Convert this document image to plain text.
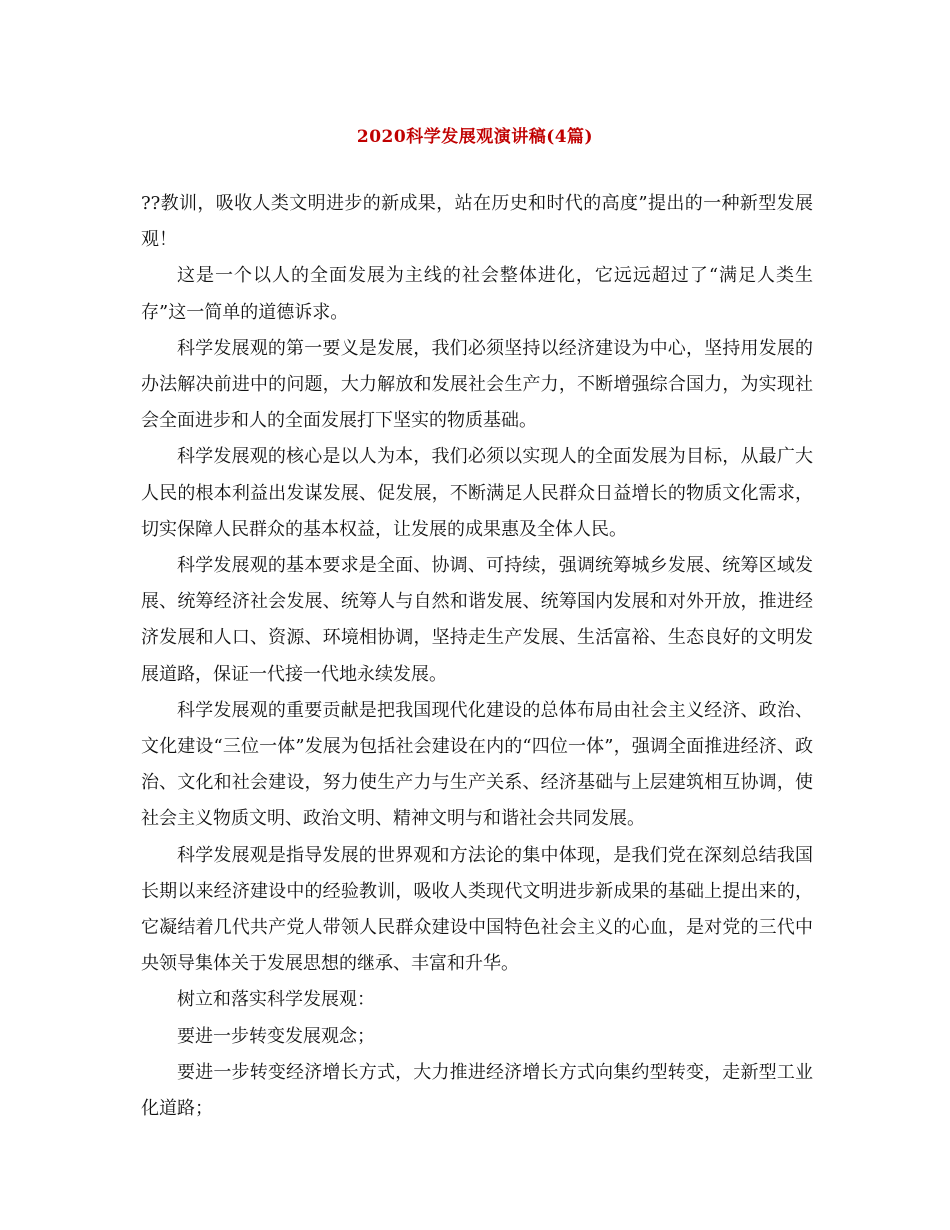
2020科学发展观演讲稿(4篇)

??教训，吸收人类文明进步的新成果，站在历史和时代的高度”提出的一种新型发展观！

这是一个以人的全面发展为主线的社会整体进化，它远远超过了“满足人类生存”这一简单的道德诉求。

科学发展观的第一要义是发展，我们必须坚持以经济建设为中心，坚持用发展的办法解决前进中的问题，大力解放和发展社会生产力，不断增强综合国力，为实现社会全面进步和人的全面发展打下坚实的物质基础。

科学发展观的核心是以人为本，我们必须以实现人的全面发展为目标，从最广大人民的根本利益出发谋发展、促发展，不断满足人民群众日益增长的物质文化需求，切实保障人民群众的基本权益，让发展的成果惠及全体人民。

科学发展观的基本要求是全面、协调、可持续，强调统筹城乡发展、统筹区域发展、统筹经济社会发展、统筹人与自然和谐发展、统筹国内发展和对外开放，推进经济发展和人口、资源、环境相协调，坚持走生产发展、生活富裕、生态良好的文明发展道路，保证一代接一代地永续发展。

科学发展观的重要贡献是把我国现代化建设的总体布局由社会主义经济、政治、文化建设“三位一体”发展为包括社会建设在内的“四位一体”，强调全面推进经济、政治、文化和社会建设，努力使生产力与生产关系、经济基础与上层建筑相互协调，使社会主义物质文明、政治文明、精神文明与和谐社会共同发展。

科学发展观是指导发展的世界观和方法论的集中体现，是我们党在深刻总结我国长期以来经济建设中的经验教训，吸收人类现代文明进步新成果的基础上提出来的，它凝结着几代共产党人带领人民群众建设中国特色社会主义的心血，是对党的三代中央领导集体关于发展思想的继承、丰富和升华。

树立和落实科学发展观：

要进一步转变发展观念；

要进一步转变经济增长方式，大力推进经济增长方式向集约型转变，走新型工业化道路；
